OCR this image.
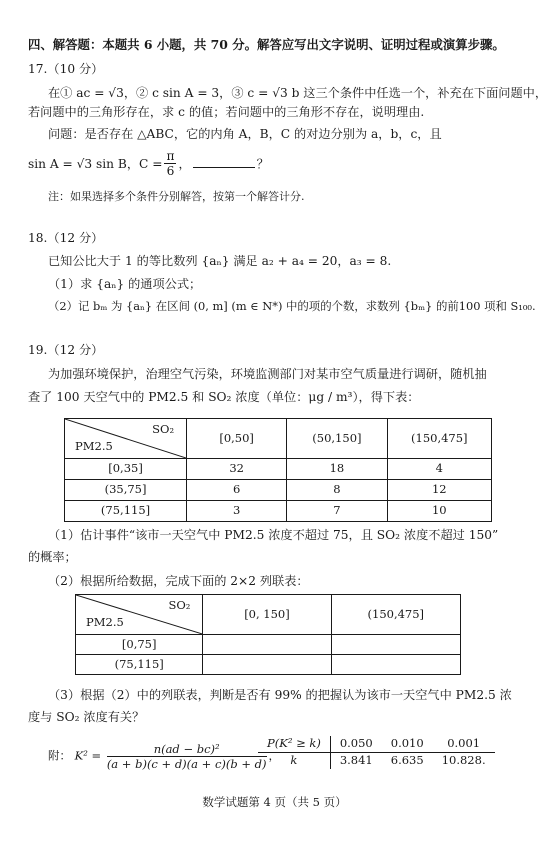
四、解答题：本题共 6 小题，共 70 分。解答应写出文字说明、证明过程或演算步骤。
17.（10 分）
在① ac = √3，② c sin A = 3，③ c = √3 b 这三个条件中任选一个，补充在下面问题中，
若问题中的三角形存在，求 c 的值；若问题中的三角形不存在，说明理由.
问题：是否存在 △ABC，它的内角 A，B，C 的对边分别为 a，b，c，且
sin A = √3 sin B，$C = \frac{\pi}{6}$ ，	？
注：如果选择多个条件分别解答，按第一个解答计分.
18.（12 分）
已知公比大于 1 的等比数列 {aₙ} 满足 a₂ + a₄ = 20，a₃ = 8.
（1）求 {aₙ} 的通项公式；
（2）记 bₘ 为 {aₙ} 在区间 (0, m] (m ∈ N*) 中的项的个数，求数列 {bₘ} 的前100 项和 S₁₀₀.
19.（12 分）
为加强环境保护，治理空气污染，环境监测部门对某市空气质量进行调研，随机抽
查了 100 天空气中的 PM2.5 和 SO₂ 浓度（单位：μg / m³），得下表：
SO₂
PM2.5	[0,50]	(50,150]	(150,475]
[0,35]	32	18	4
(35,75]	6	8	12
(75,115]	3	7	10
（1）估计事件“该市一天空气中 PM2.5 浓度不超过 75，且 SO₂ 浓度不超过 150”
的概率；
（2）根据所给数据，完成下面的 2×2 列联表：
SO₂
PM2.5	[0, 150]	(150,475]
[0,75]		
(75,115]		
（3）根据（2）中的列联表，判断是否有 99% 的把握认为该市一天空气中 PM2.5 浓
度与 SO₂ 浓度有关？
附： $K^2 = \frac{\text{n(ad − bc)²}}{(a + b)(c + d)(a + c)(b + d)}$ ，
P(K² ≥ k)	0.050	0.010	0.001
k	3.841	6.635	10.828.
数学试题第 4 页（共 5 页）
